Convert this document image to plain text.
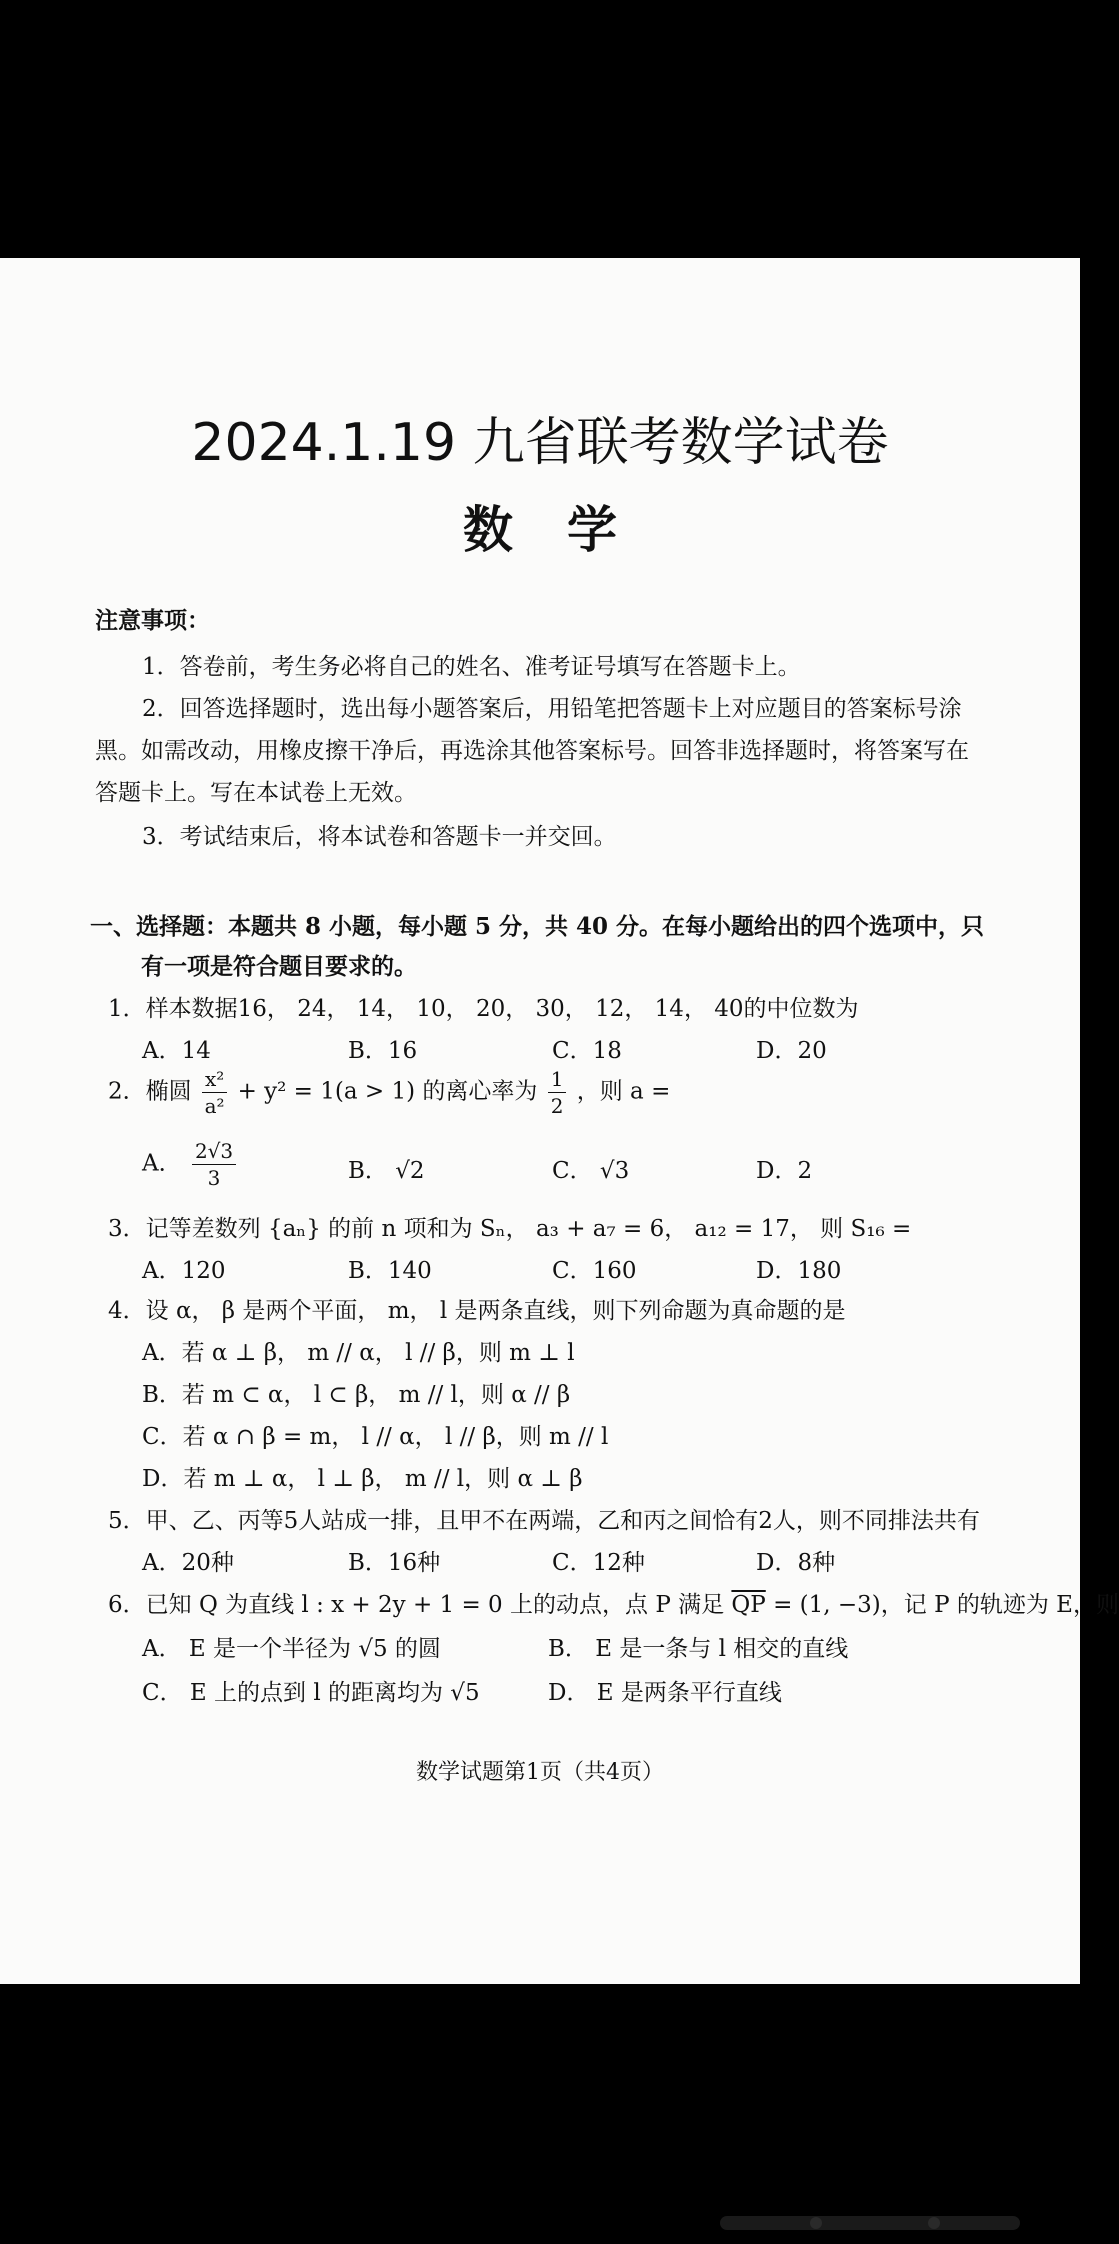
2024.1.19 九省联考数学试卷
数学
注意事项：
1．答卷前，考生务必将自己的姓名、准考证号填写在答题卡上。
2．回答选择题时，选出每小题答案后，用铅笔把答题卡上对应题目的答案标号涂
黑。如需改动，用橡皮擦干净后，再选涂其他答案标号。回答非选择题时，将答案写在
答题卡上。写在本试卷上无效。
3．考试结束后，将本试卷和答题卡一并交回。
一、选择题：本题共 8 小题，每小题 5 分，共 40 分。在每小题给出的四个选项中，只
有一项是符合题目要求的。
1．样本数据16， 24， 14， 10， 20， 30， 12， 14， 40的中位数为
A．14	B．16	C．18	D．20
2．椭圆 $\frac{\text{x²}}{\text{a²}} + y^2 = 1(a > 1)$ 的离心率为 $\frac{1}{2}$ ，则 a =
A． $\frac{2√3}{3}$	B． √2	C． √3	D．2
3．记等差数列 {aₙ} 的前 n 项和为 Sₙ， a₃ + a₇ = 6， a₁₂ = 17， 则 S₁₆ =
A．120	B．140	C．160	D．180
4．设 α， β 是两个平面， m， l 是两条直线，则下列命题为真命题的是
A．若 α ⊥ β， m // α， l // β，则 m ⊥ l
B．若 m ⊂ α， l ⊂ β， m // l，则 α // β
C．若 α ∩ β = m， l // α， l // β，则 m // l
D．若 m ⊥ α， l ⊥ β， m // l，则 α ⊥ β
5．甲、乙、丙等5人站成一排，且甲不在两端，乙和丙之间恰有2人，则不同排法共有
A．20种	B．16种	C．12种	D．8种
6．已知 Q 为直线 l : x + 2y + 1 = 0 上的动点，点 P 满足 $\overline{QP} = (1$, −3)，记 P 的轨迹为 E，则
A． E 是一个半径为 √5 的圆	B． E 是一条与 l 相交的直线
C． E 上的点到 l 的距离均为 √5	D． E 是两条平行直线
数学试题第1页（共4页）
